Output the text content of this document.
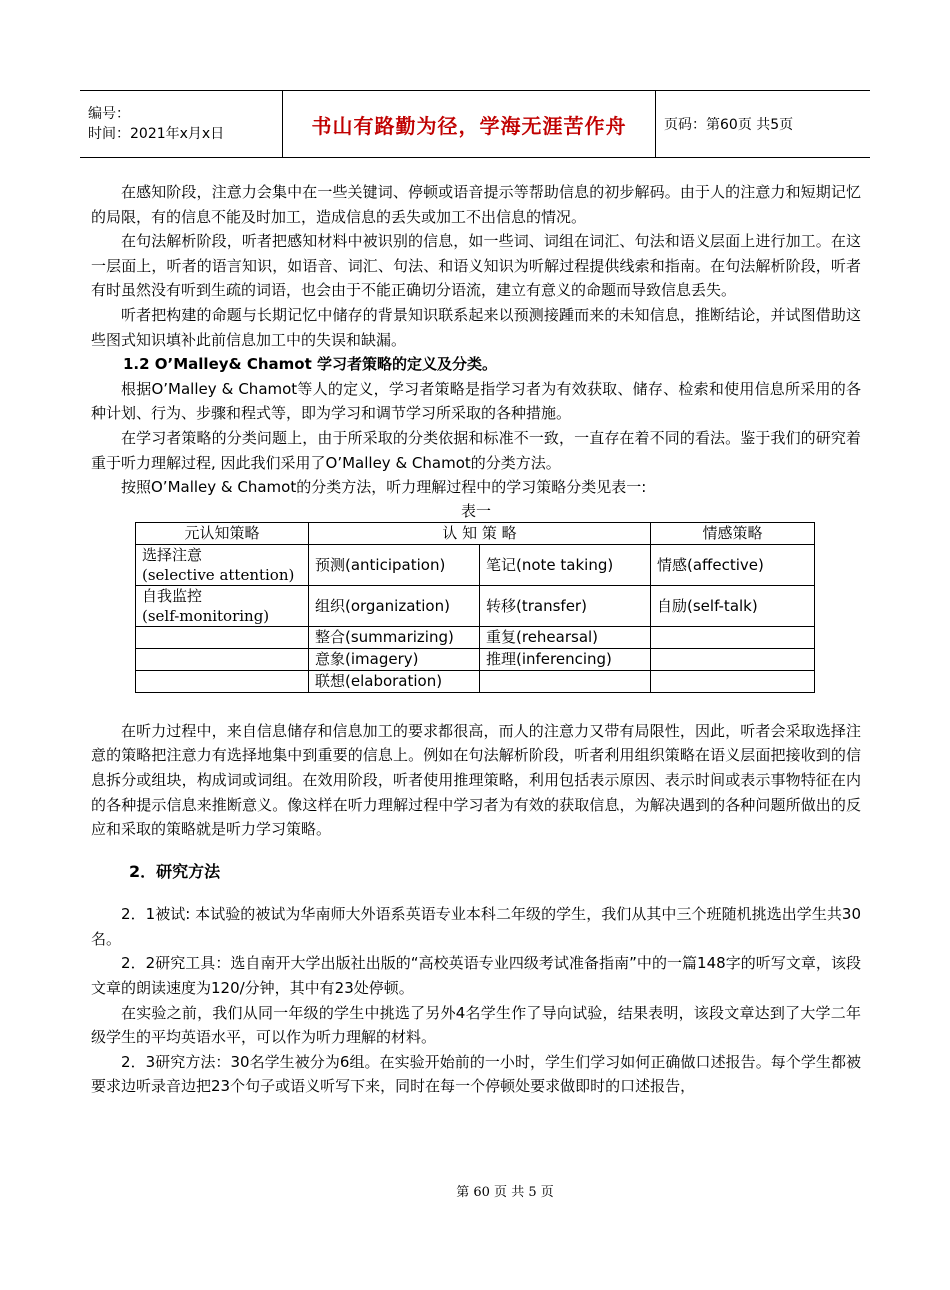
编号：
时间：2021年x月x日	书山有路勤为径，学海无涯苦作舟	页码：第60页 共5页

在感知阶段，注意力会集中在一些关键词、停顿或语音提示等帮助信息的初步解码。由于人的注意力和短期记忆的局限，有的信息不能及时加工，造成信息的丢失或加工不出信息的情况。

在句法解析阶段，听者把感知材料中被识别的信息，如一些词、词组在词汇、句法和语义层面上进行加工。在这一层面上，听者的语言知识，如语音、词汇、句法、和语义知识为听解过程提供线索和指南。在句法解析阶段，听者有时虽然没有听到生疏的词语，也会由于不能正确切分语流，建立有意义的命题而导致信息丢失。

听者把构建的命题与长期记忆中储存的背景知识联系起来以预测接踵而来的未知信息，推断结论，并试图借助这些图式知识填补此前信息加工中的失误和缺漏。

1.2 O’Malley& Chamot 学习者策略的定义及分类。

根据O’Malley & Chamot等人的定义，学习者策略是指学习者为有效获取、储存、检索和使用信息所采用的各种计划、行为、步骤和程式等，即为学习和调节学习所采取的各种措施。

在学习者策略的分类问题上，由于所采取的分类依据和标准不一致，一直存在着不同的看法。鉴于我们的研究着重于听力理解过程, 因此我们采用了O’Malley & Chamot的分类方法。

按照O’Malley & Chamot的分类方法，听力理解过程中的学习策略分类见表一:

表一
元认知策略	认 知 策 略		情感策略

选择注意
(selective attention)	预测(anticipation)	笔记(note taking)	情感(affective)

自我监控
(self-monitoring)	组织(organization)	转移(transfer)	自励(self-talk)
	整合(summarizing)	重复(rehearsal)	
	意象(imagery)	推理(inferencing)	
	联想(elaboration)		

在听力过程中，来自信息储存和信息加工的要求都很高，而人的注意力又带有局限性，因此，听者会采取选择注意的策略把注意力有选择地集中到重要的信息上。例如在句法解析阶段，听者利用组织策略在语义层面把接收到的信息拆分或组块，构成词或词组。在效用阶段，听者使用推理策略，利用包括表示原因、表示时间或表示事物特征在内的各种提示信息来推断意义。像这样在听力理解过程中学习者为有效的获取信息，为解决遇到的各种问题所做出的反应和采取的策略就是听力学习策略。

2．研究方法

2．1被试: 本试验的被试为华南师大外语系英语专业本科二年级的学生，我们从其中三个班随机挑选出学生共30名。

2．2研究工具：选自南开大学出版社出版的“高校英语专业四级考试准备指南”中的一篇148字的听写文章，该段文章的朗读速度为120/分钟，其中有23处停顿。

在实验之前，我们从同一年级的学生中挑选了另外4名学生作了导向试验，结果表明，该段文章达到了大学二年级学生的平均英语水平，可以作为听力理解的材料。

2．3研究方法：30名学生被分为6组。在实验开始前的一小时，学生们学习如何正确做口述报告。每个学生都被要求边听录音边把23个句子或语义听写下来，同时在每一个停顿处要求做即时的口述报告，

第 60 页 共 5 页
